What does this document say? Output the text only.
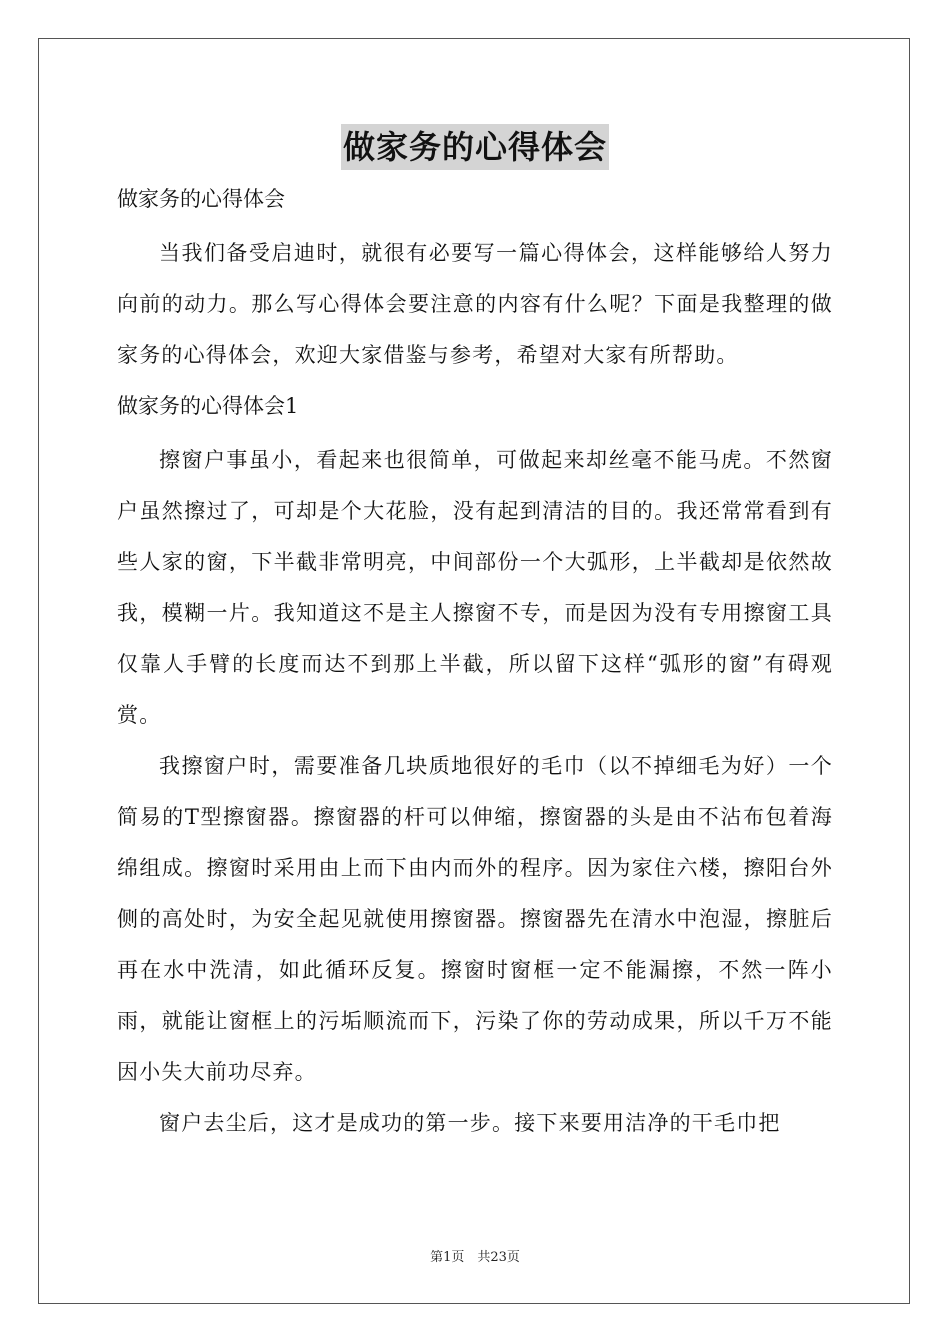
做家务的心得体会
做家务的心得体会

当我们备受启迪时，就很有必要写一篇心得体会，这样能够给人努力向前的动力。那么写心得体会要注意的内容有什么呢？下面是我整理的做家务的心得体会，欢迎大家借鉴与参考，希望对大家有所帮助。

做家务的心得体会1

擦窗户事虽小，看起来也很简单，可做起来却丝毫不能马虎。不然窗户虽然擦过了，可却是个大花脸，没有起到清洁的目的。我还常常看到有些人家的窗，下半截非常明亮，中间部份一个大弧形，上半截却是依然故我，模糊一片。我知道这不是主人擦窗不专，而是因为没有专用擦窗工具仅靠人手臂的长度而达不到那上半截，所以留下这样“弧形的窗”有碍观赏。

我擦窗户时，需要准备几块质地很好的毛巾（以不掉细毛为好）一个简易的T型擦窗器。擦窗器的杆可以伸缩，擦窗器的头是由不沾布包着海绵组成。擦窗时采用由上而下由内而外的程序。因为家住六楼，擦阳台外侧的高处时，为安全起见就使用擦窗器。擦窗器先在清水中泡湿，擦脏后再在水中洗清，如此循环反复。擦窗时窗框一定不能漏擦，不然一阵小雨，就能让窗框上的污垢顺流而下，污染了你的劳动成果，所以千万不能因小失大前功尽弃。

窗户去尘后，这才是成功的第一步。接下来要用洁净的干毛巾把

第1页　共23页
